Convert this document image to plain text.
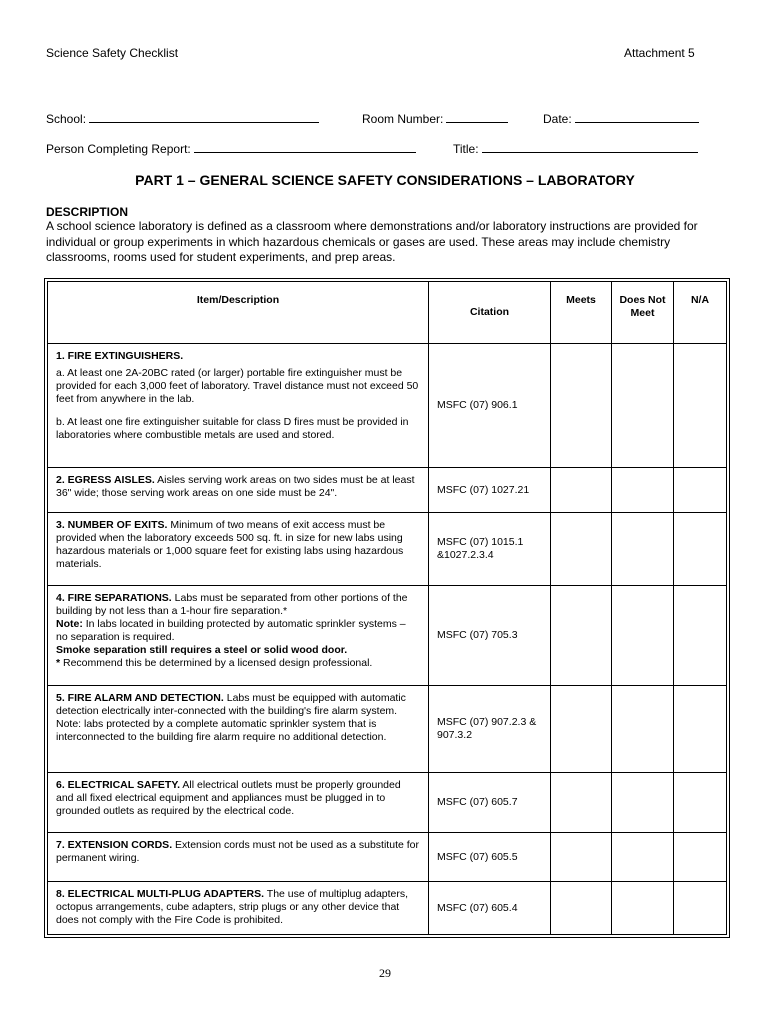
Science Safety Checklist	Attachment 5
School:	Room Number:	Date:
Person Completing Report:	Title:
PART 1 – GENERAL SCIENCE SAFETY CONSIDERATIONS – LABORATORY
DESCRIPTION
A school science laboratory is defined as a classroom where demonstrations and/or laboratory instructions are provided for individual or group experiments in which hazardous chemicals or gases are used. These areas may include chemistry classrooms, rooms used for student experiments, and prep areas.
Item/Description	Citation	Meets	Does Not Meet	N/A

1. FIRE EXTINGUISHERS.
a. At least one 2A-20BC rated (or larger) portable fire extinguisher must be provided for each 3,000 feet of laboratory. Travel distance must not exceed 50 feet from anywhere in the lab.
b. At least one fire extinguisher suitable for class D fires must be provided in laboratories where combustible metals are used and stored.	MSFC (07) 906.1			
2. EGRESS AISLES. Aisles serving work areas on two sides must be at least 36" wide; those serving work areas on one side must be 24".	MSFC (07) 1027.21			
3. NUMBER OF EXITS. Minimum of two means of exit access must be provided when the laboratory exceeds 500 sq. ft. in size for new labs using hazardous materials or 1,000 square feet for existing labs using hazardous materials.	MSFC (07) 1015.1 &1027.2.3.4			
4. FIRE SEPARATIONS. Labs must be separated from other portions of the building by not less than a 1-hour fire separation.*
Note: In labs located in building protected by automatic sprinkler systems – no separation is required.
Smoke separation still requires a steel or solid wood door.
* Recommend this be determined by a licensed design professional.	MSFC (07) 705.3			
5. FIRE ALARM AND DETECTION. Labs must be equipped with automatic detection electrically inter-connected with the building's fire alarm system. Note: labs protected by a complete automatic sprinkler system that is interconnected to the building fire alarm require no additional detection.	MSFC (07) 907.2.3 & 907.3.2			
6. ELECTRICAL SAFETY. All electrical outlets must be properly grounded and all fixed electrical equipment and appliances must be plugged in to grounded outlets as required by the electrical code.	MSFC (07) 605.7			
7. EXTENSION CORDS. Extension cords must not be used as a substitute for permanent wiring.	MSFC (07) 605.5			
8. ELECTRICAL MULTI-PLUG ADAPTERS. The use of multiplug adapters, octopus arrangements, cube adapters, strip plugs or any other device that does not comply with the Fire Code is prohibited.	MSFC (07) 605.4			
29
